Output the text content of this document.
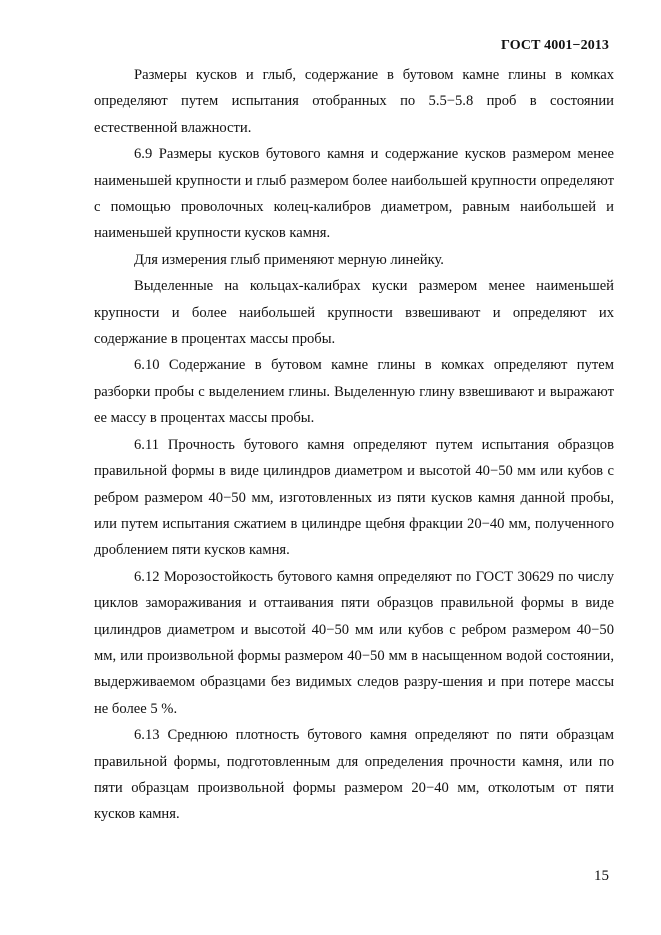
ГОСТ 4001−2013

Размеры кусков и глыб, содержание в бутовом камне глины в комках определяют путем испытания отобранных по 5.5−5.8 проб в состоянии естественной влажности.

6.9 Размеры кусков бутового камня и содержание кусков размером менее наименьшей крупности и глыб размером более наибольшей крупности определяют с помощью проволочных колец-калибров диаметром, равным наибольшей и наименьшей крупности кусков камня.

Для измерения глыб применяют мерную линейку.

Выделенные на кольцах-калибрах куски размером менее наименьшей крупности и более наибольшей крупности взвешивают и определяют их содержание в процентах массы пробы.

6.10 Содержание в бутовом камне глины в комках определяют путем разборки пробы с выделением глины. Выделенную глину взвешивают и выражают ее массу в процентах массы пробы.

6.11 Прочность бутового камня определяют путем испытания образцов правильной формы в виде цилиндров диаметром и высотой 40−50 мм или кубов с ребром размером 40−50 мм, изготовленных из пяти кусков камня данной пробы, или путем испытания сжатием в цилиндре щебня фракции 20−40 мм, полученного дроблением пяти кусков камня.

6.12 Морозостойкость бутового камня определяют по ГОСТ 30629 по числу циклов замораживания и оттаивания пяти образцов правильной формы в виде цилиндров диаметром и высотой 40−50 мм или кубов с ребром размером 40−50 мм, или произвольной формы размером 40−50 мм в насыщенном водой состоянии, выдерживаемом образцами без видимых следов разру-шения и при потере массы не более 5 %.

6.13 Среднюю плотность бутового камня определяют по пяти образцам правильной формы, подготовленным для определения прочности камня, или по пяти образцам произвольной формы размером 20−40 мм, отколотым от пяти кусков камня.

15
